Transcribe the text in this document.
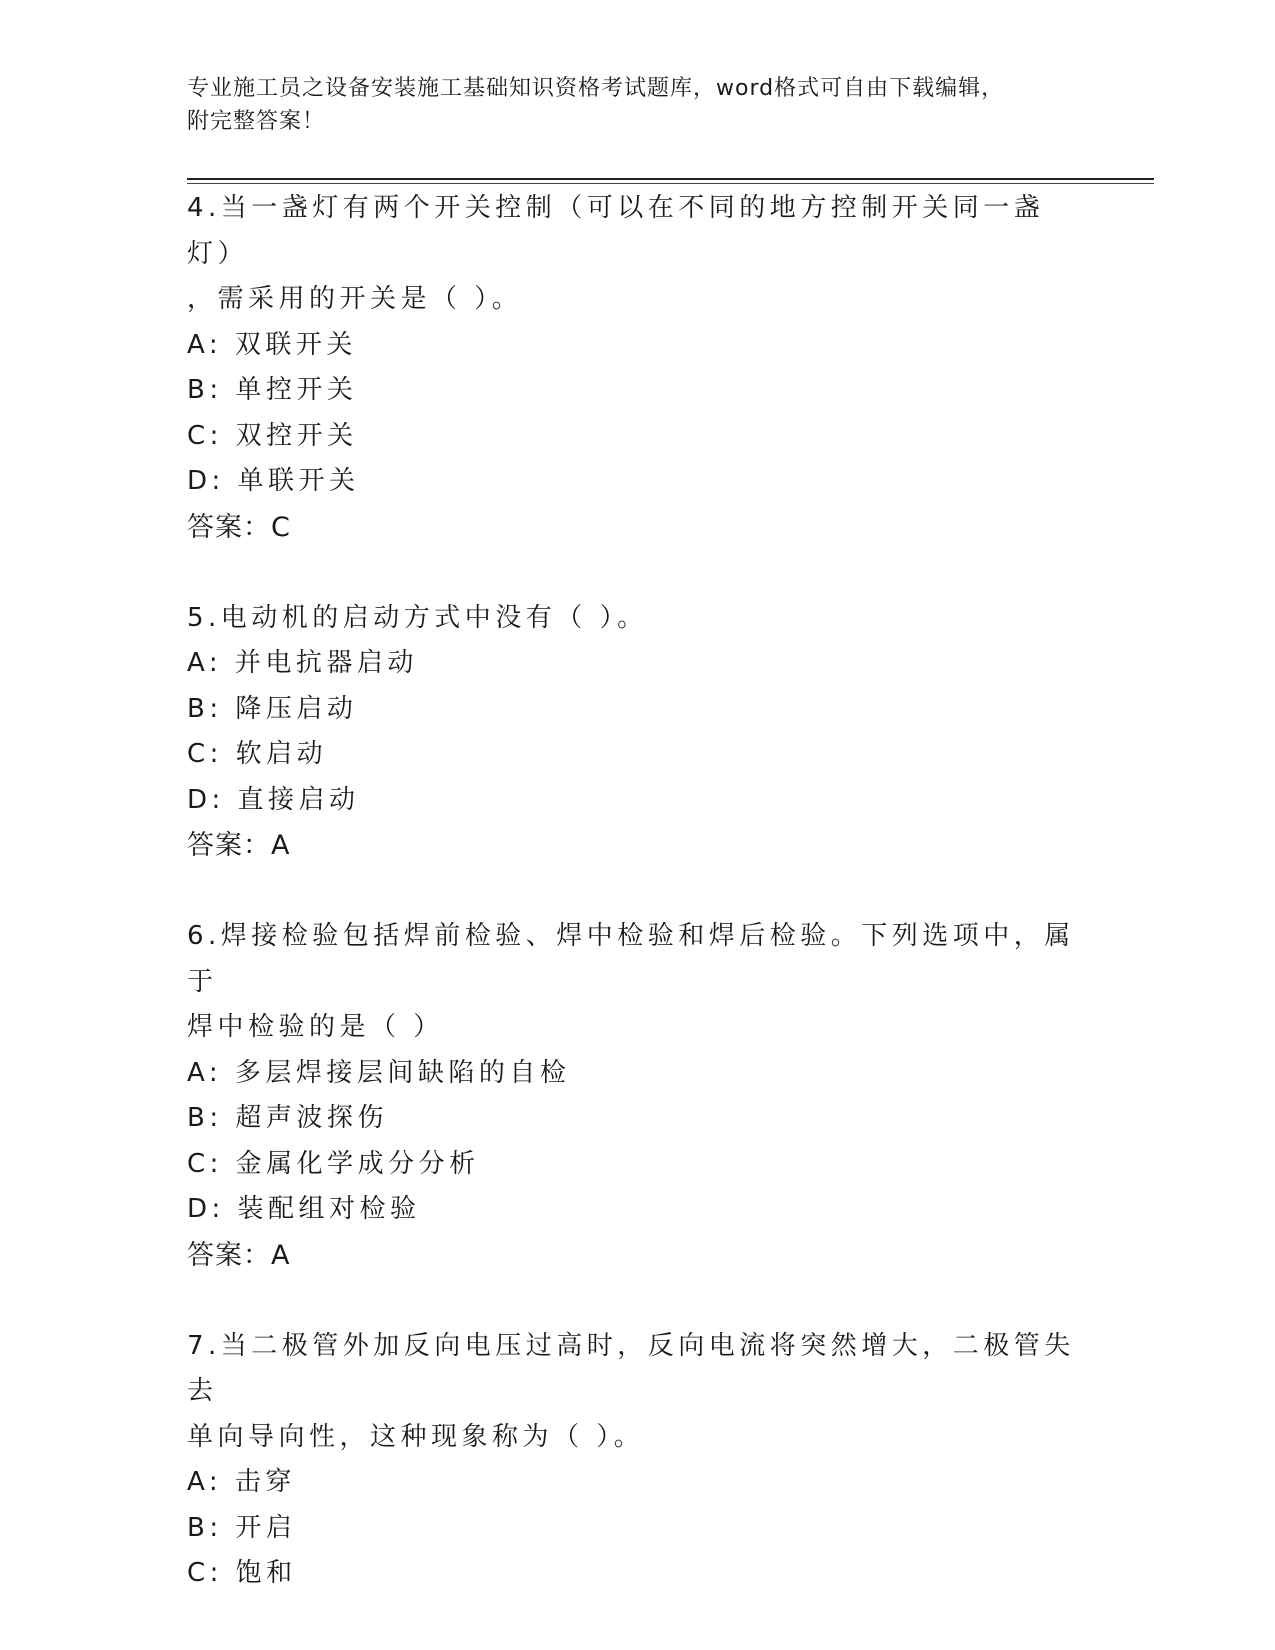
专业施工员之设备安装施工基础知识资格考试题库，word格式可自由下载编辑，
附完整答案！

4.当一盏灯有两个开关控制（可以在不同的地方控制开关同一盏灯）

，需采用的开关是（ ）。

A: 双联开关

B: 单控开关

C: 双控开关

D: 单联开关

答案：C

5.电动机的启动方式中没有（ ）。

A: 并电抗器启动

B: 降压启动

C: 软启动

D: 直接启动

答案：A

6.焊接检验包括焊前检验、焊中检验和焊后检验。下列选项中，属于

焊中检验的是（ ）

A: 多层焊接层间缺陷的自检

B: 超声波探伤

C: 金属化学成分分析

D: 装配组对检验

答案：A

7.当二极管外加反向电压过高时，反向电流将突然增大，二极管失去

单向导向性，这种现象称为（ ）。

A: 击穿

B: 开启

C: 饱和
